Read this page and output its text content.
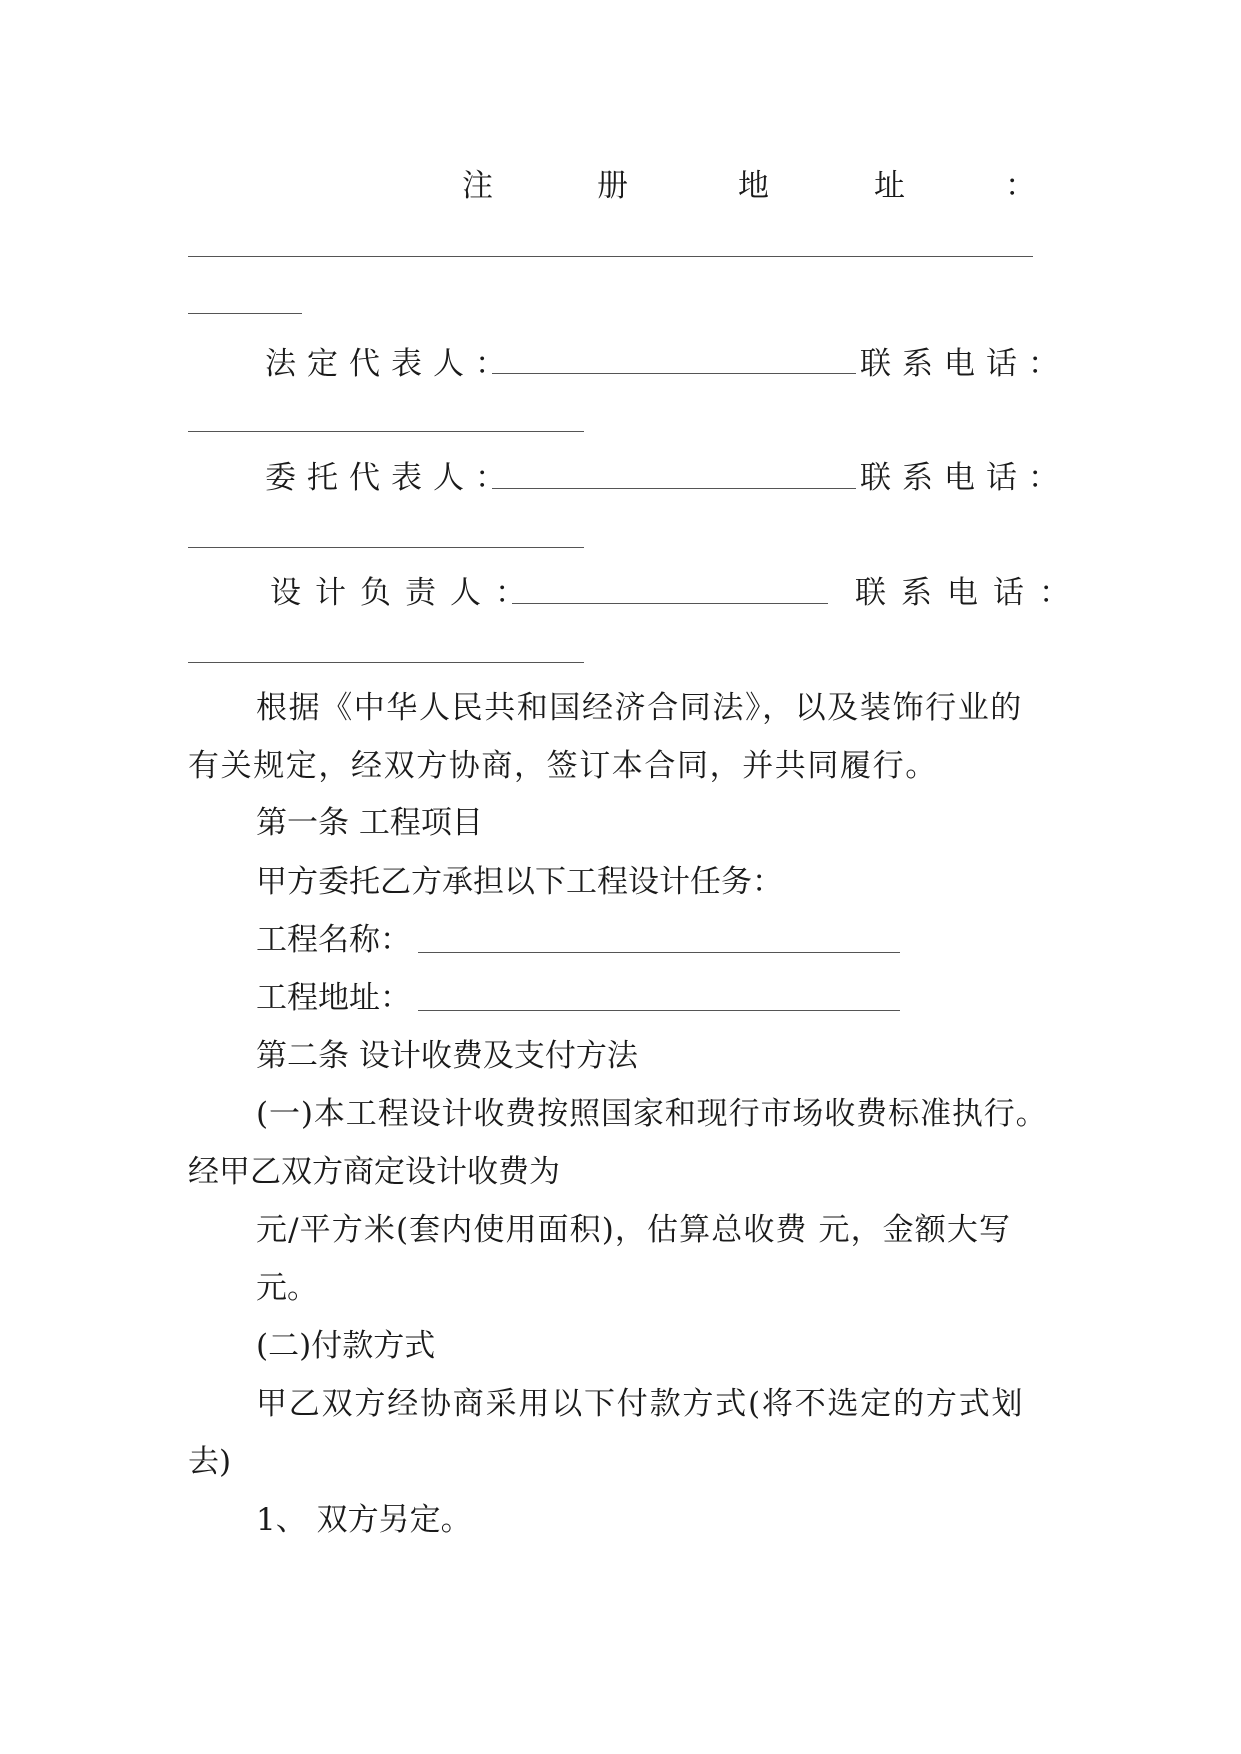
注	册	地	址	：
法定代表人：	联系电话：
委托代表人：	联系电话：
设计负责人：	联系电话：
根据《中华人民共和国经济合同法》，以及装饰行业的
有关规定，经双方协商，签订本合同，并共同履行。
第一条 工程项目
甲方委托乙方承担以下工程设计任务：
工程名称：
工程地址：
第二条 设计收费及支付方法
(一)本工程设计收费按照国家和现行市场收费标准执行。
经甲乙双方商定设计收费为
元/平方米(套内使用面积)，估算总收费 元，金额大写
元。
(二)付款方式
甲乙双方经协商采用以下付款方式(将不选定的方式划
去)
1、 双方另定。
